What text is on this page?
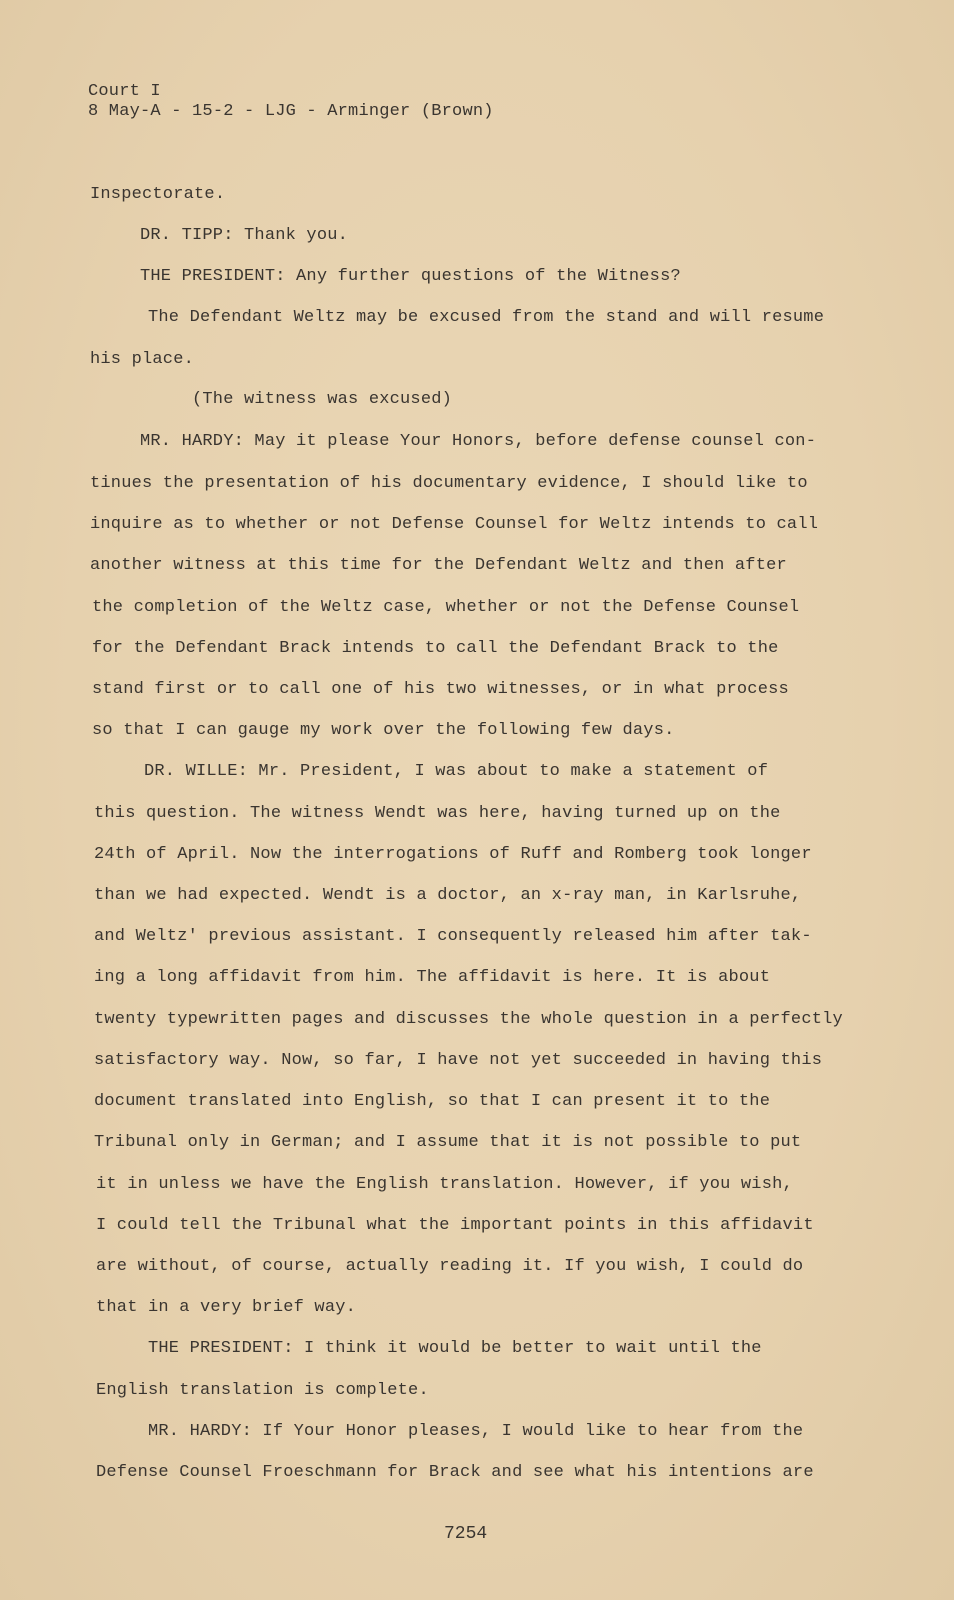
Court I
8 May-A - 15-2 - LJG - Arminger (Brown)
Inspectorate.
DR. TIPP: Thank you.
THE PRESIDENT: Any further questions of the Witness?
The Defendant Weltz may be excused from the stand and will resume
his place.
(The witness was excused)
MR. HARDY: May it please Your Honors, before defense counsel con-
tinues the presentation of his documentary evidence, I should like to
inquire as to whether or not Defense Counsel for Weltz intends to call
another witness at this time for the Defendant Weltz and then after
the completion of the Weltz case, whether or not the Defense Counsel
for the Defendant Brack intends to call the Defendant Brack to the
stand first or to call one of his two witnesses, or in what process
so that I can gauge my work over the following few days.
DR. WILLE: Mr. President, I was about to make a statement of
this question. The witness Wendt was here, having turned up on the
24th of April. Now the interrogations of Ruff and Romberg took longer
than we had expected. Wendt is a doctor, an x-ray man, in Karlsruhe,
and Weltz' previous assistant. I consequently released him after tak-
ing a long affidavit from him. The affidavit is here. It is about
twenty typewritten pages and discusses the whole question in a perfectly
satisfactory way. Now, so far, I have not yet succeeded in having this
document translated into English, so that I can present it to the
Tribunal only in German; and I assume that it is not possible to put
it in unless we have the English translation. However, if you wish,
I could tell the Tribunal what the important points in this affidavit
are without, of course, actually reading it. If you wish, I could do
that in a very brief way.
THE PRESIDENT: I think it would be better to wait until the
English translation is complete.
MR. HARDY: If Your Honor pleases, I would like to hear from the
Defense Counsel Froeschmann for Brack and see what his intentions are
7254
